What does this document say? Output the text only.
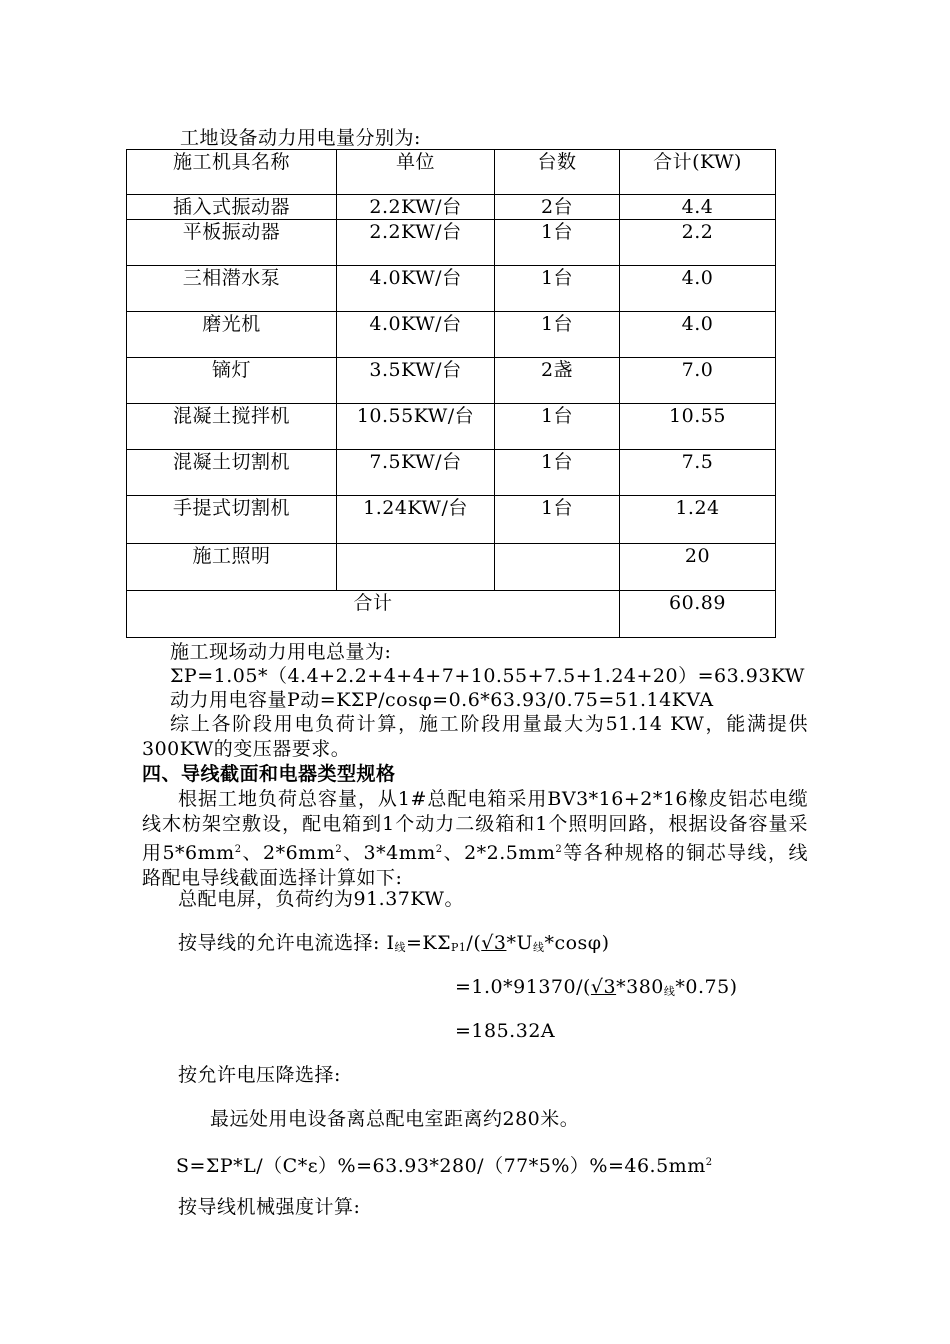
工地设备动力用电量分别为:
施工机具名称	单位	台数	合计(KW)
插入式振动器	2.2KW/台	2台	4.4
平板振动器	2.2KW/台	1台	2.2
三相潜水泵	4.0KW/台	1台	4.0
磨光机	4.0KW/台	1台	4.0
镝灯	3.5KW/台	2盏	7.0
混凝土搅拌机	10.55KW/台	1台	10.55
混凝土切割机	7.5KW/台	1台	7.5
手提式切割机	1.24KW/台	1台	1.24
施工照明			20
合计			60.89
施工现场动力用电总量为:
ΣP=1.05*（4.4+2.2+4+4+7+10.55+7.5+1.24+20）=63.93KW
动力用电容量P动=KΣP/cosφ=0.6*63.93/0.75=51.14KVA
综上各阶段用电负荷计算，施工阶段用量最大为51.14 KW，能满提供300KW的变压器要求。
四、导线截面和电器类型规格
根据工地负荷总容量，从1#总配电箱采用BV3*16+2*16橡皮铝芯电缆线木枋架空敷设，配电箱到1个动力二级箱和1个照明回路，根据设备容量采用$5*6mm^2$、$2*6mm^2$、$3*4mm^2$、$2*2.5mm^2$等各种规格的铜芯导线，线路配电导线截面选择计算如下:
总配电屏，负荷约为91.37KW。
按导线的允许电流选择: I线=KΣP1/(√3*U线*cosφ)
=1.0*91370/(√3*380线*0.75)
=185.32A
按允许电压降选择:
最远处用电设备离总配电室距离约280米。
$S=\Sigma P*L/(C*\varepsilon)\%=63.93*280/(77*5\%)\%=46.5mm^2$
按导线机械强度计算:
